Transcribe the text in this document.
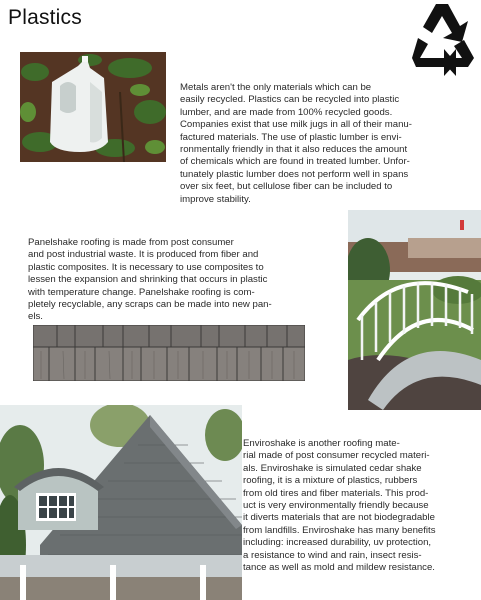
Plastics

Metals aren't the only materials which can be
easily recycled. Plastics can be recycled into plastic
lumber, and are made from 100% recycled goods.
Companies exist that use milk jugs in all of their manu-
factured materials. The use of plastic lumber is envi-
ronmentally friendly in that it also reduces the amount
of chemicals which are found in treated lumber. Unfor-
tunately plastic lumber does not perform well in spans
over six feet, but cellulose fiber can be included to
improve stability.

Panelshake roofing is made from post consumer
and post industrial waste. It is produced from fiber and
plastic composites. It is necessary to use composites to
lessen the expansion and shrinking that occurs in plastic
with temperature change. Panelshake roofing is com-
pletely recyclable, any scraps can be made into new pan-
els.

Enviroshake is another roofing mate-
rial made of post consumer recycled materi-
als. Enviroshake is simulated cedar shake
roofing, it is a mixture of plastics, rubbers
from old tires and fiber materials. This prod-
uct is very environmentally friendly because
it diverts materials that are not biodegradable
from landfills. Enviroshake has many benefits
including: increased durability, uv protection,
a resistance to wind and rain, insect resis-
tance as well as mold and mildew resistance.
